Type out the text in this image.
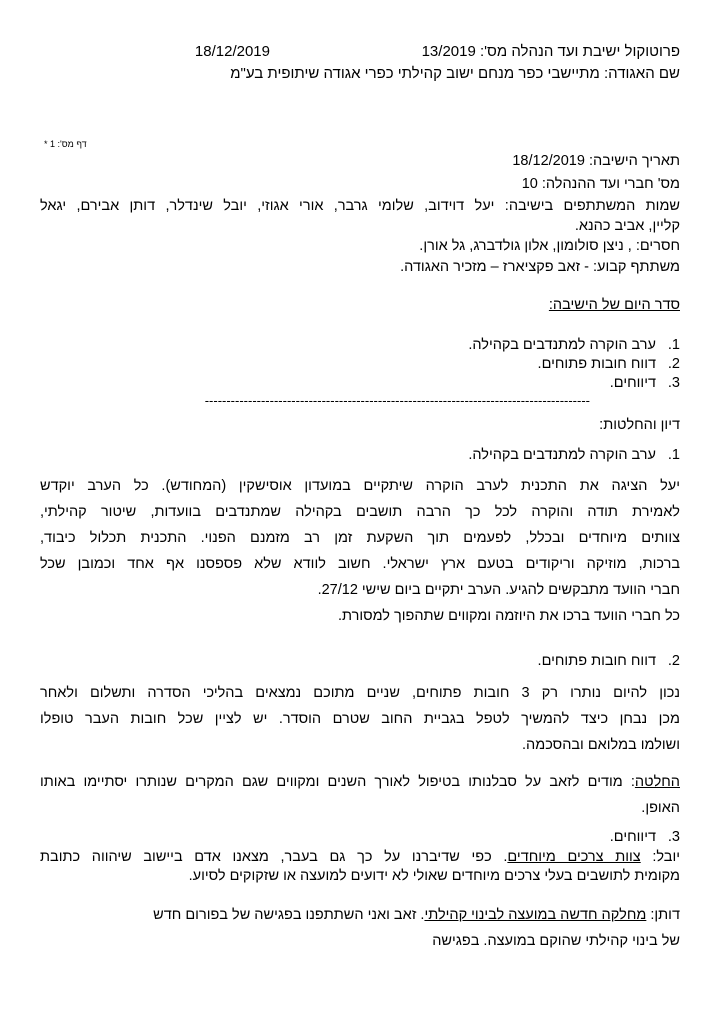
פרוטוקול ישיבת ועד הנהלה מס': 13/2019
18/12/2019
שם האגודה: מתיישבי כפר מנחם ישוב קהילתי כפרי אגודה שיתופית בע"מ
דף מס': 1 *
תאריך הישיבה: 18/12/2019
מס' חברי ועד ההנהלה: 10
שמות המשתתפים בישיבה: יעל דוידוב, שלומי גרבר, אורי אגוזי, יובל שינדלר, דותן אבירם, יגאל
קליין, אביב כהנא.
חסרים: , ניצן סולומון, אלון גולדברג, גל אורן.
משתתף קבוע: - זאב פקציארז – מזכיר האגודה.
סדר היום של הישיבה:
1.
ערב הוקרה למתנדבים בקהילה.
2.
דווח חובות פתוחים.
3.
דיווחים.
-----------------------------------------------------------------------------------------
דיון והחלטות:
1.
ערב הוקרה למתנדבים בקהילה.
יעל הציגה את התכנית לערב הוקרה שיתקיים במועדון אוסישקין (המחודש). כל הערב יוקדש
לאמירת תודה והוקרה לכל כך הרבה תושבים בקהילה שמתנדבים בוועדות, שיטור קהילתי,
צוותים מיוחדים ובכלל, לפעמים תוך השקעת זמן רב מזמנם הפנוי. התכנית תכלול כיבוד,
ברכות, מוזיקה וריקודים בטעם ארץ ישראלי. חשוב לוודא שלא פספסנו אף אחד וכמובן שכל
חברי הוועד מתבקשים להגיע. הערב יתקיים ביום שישי 27/12.
כל חברי הוועד ברכו את היוזמה ומקווים שתהפוך למסורת.
2.
דווח חובות פתוחים.
נכון להיום נותרו רק 3 חובות פתוחים, שניים מתוכם נמצאים בהליכי הסדרה ותשלום ולאחר
מכן נבחן כיצד להמשיך לטפל בגביית החוב שטרם הוסדר. יש לציין שכל חובות העבר טופלו
ושולמו במלואם ובהסכמה.
החלטה: מודים לזאב על סבלנותו בטיפול לאורך השנים ומקווים שגם המקרים שנותרו יסתיימו באותו
האופן.
3.
דיווחים.
יובל: צוות צרכים מיוחדים. כפי שדיברנו על כך גם בעבר, מצאנו אדם ביישוב שיהווה כתובת
מקומית לתושבים בעלי צרכים מיוחדים שאולי לא ידועים למועצה או שזקוקים לסיוע.
דותן: מחלקה חדשה במועצה לבינוי קהילתי. זאב ואני השתתפנו בפגישה של בפורום חדש
של בינוי קהילתי שהוקם במועצה. בפגישה
